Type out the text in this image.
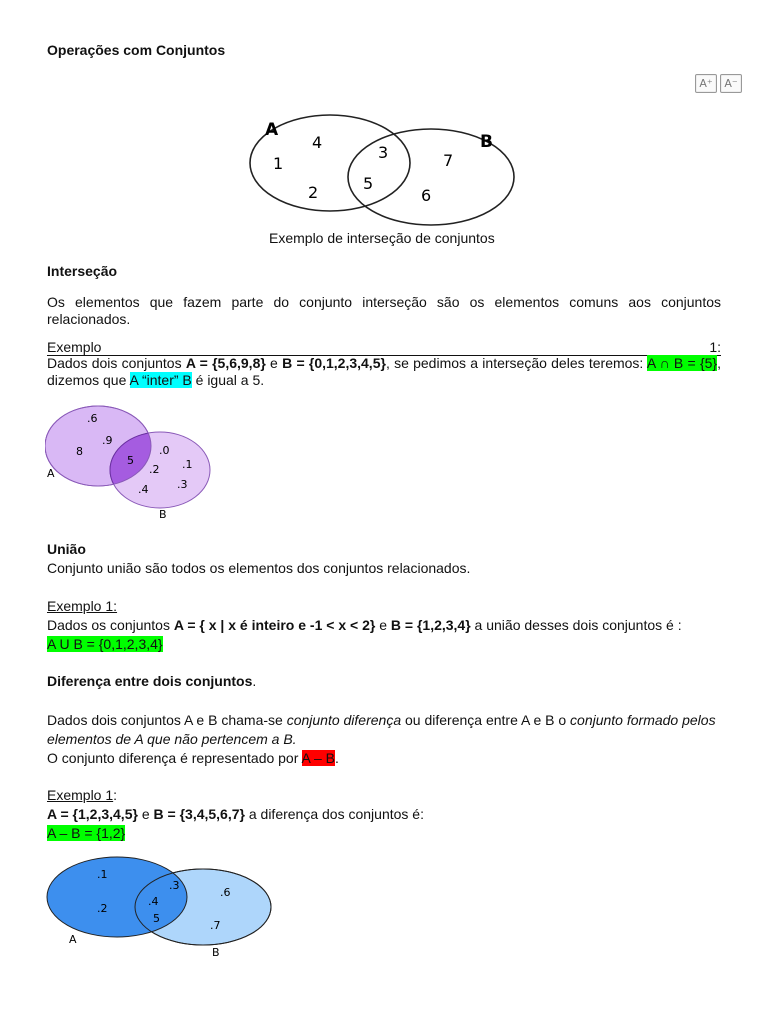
Operações com Conjuntos
A⁺	A⁻
A
B
4
1
2
3
5
7
6
Exemplo de interseção de conjuntos
Interseção

Os elementos que fazem parte do conjunto interseção são os elementos comuns aos conjuntos relacionados.

Exemplo	1:

Dados dois conjuntos A = {5,6,9,8} e B = {0,1,2,3,4,5}, se pedimos a interseção deles teremos: A ∩ B = {5}, dizemos que A “inter” B é igual a 5.

A
B
.6
.9
8
5
.0
.1
.2
.3
.4
União

Conjunto união são todos os elementos dos conjuntos relacionados.

Exemplo 1:

Dados os conjuntos A = { x | x é inteiro e -1 < x < 2} e B = {1,2,3,4} a união desses dois conjuntos é :

A U B = {0,1,2,3,4}

Diferença entre dois conjuntos.

Dados dois conjuntos A e B chama-se conjunto diferença ou diferença entre A e B o conjunto formado pelos elementos de A que não pertencem a B.
O conjunto diferença é representado por A – B.

Exemplo 1:

A = {1,2,3,4,5} e B = {3,4,5,6,7} a diferença dos conjuntos é:

A – B = {1,2}

A
B
.1
.2
.3
.4
5
.6
.7
